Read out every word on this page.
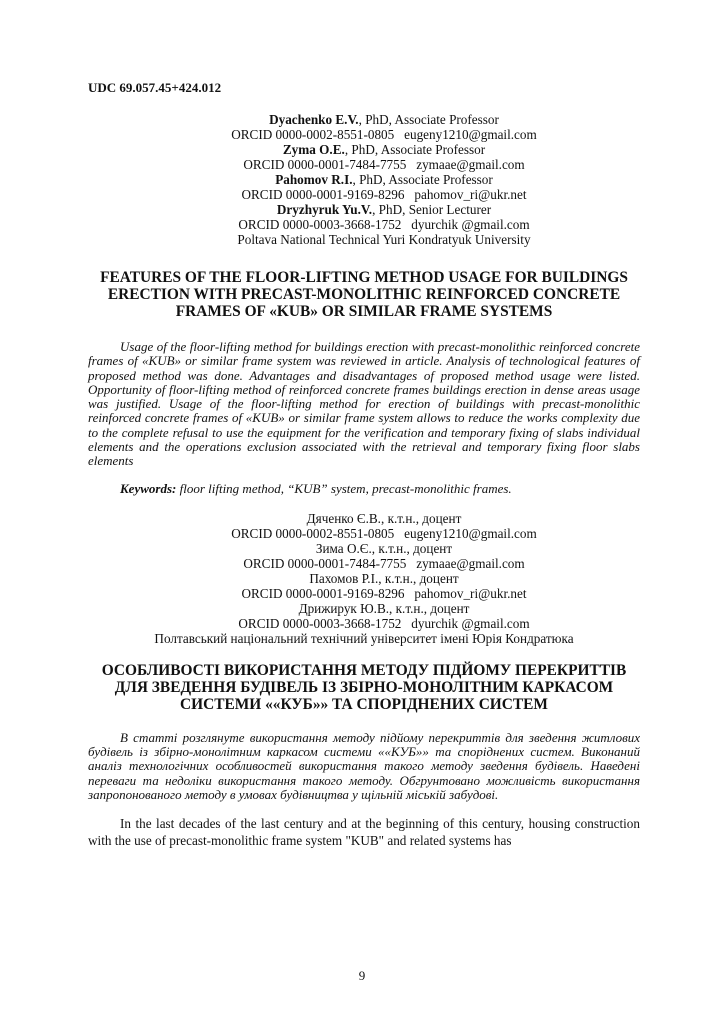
UDC 69.057.45+424.012
Dyachenko E.V., PhD, Associate Professor
ORCID 0000-0002-8551-0805   eugeny1210@gmail.com
Zyma O.E., PhD, Associate Professor
ORCID 0000-0001-7484-7755   zymaae@gmail.com
Pahomov R.I., PhD, Associate Professor
ORCID 0000-0001-9169-8296   pahomov_ri@ukr.net
Dryzhyruk Yu.V., PhD, Senior Lecturer
ORCID 0000-0003-3668-1752   dyurchik @gmail.com
Poltava National Technical Yuri Kondratyuk University
FEATURES OF THE FLOOR-LIFTING METHOD USAGE FOR BUILDINGS ERECTION WITH PRECAST-MONOLITHIC REINFORCED CONCRETE FRAMES OF «KUB» OR SIMILAR FRAME SYSTEMS

Usage of the floor-lifting method for buildings erection with precast-monolithic reinforced concrete frames of «KUB» or similar frame system was reviewed in article. Analysis of technological features of proposed method was done. Advantages and disadvantages of proposed method usage were listed. Opportunity of floor-lifting method of reinforced concrete frames buildings erection in dense areas usage was justified. Usage of the floor-lifting method for erection of buildings with precast-monolithic reinforced concrete frames of «KUB» or similar frame system allows to reduce the works complexity due to the complete refusal to use the equipment for the verification and temporary fixing of slabs individual elements and the operations exclusion associated with the retrieval and temporary fixing floor slabs elements

Keywords: floor lifting method, “KUB” system, precast-monolithic frames.

Дяченко Є.В., к.т.н., доцент
ORCID 0000-0002-8551-0805   eugeny1210@gmail.com
Зима О.Є., к.т.н., доцент
ORCID 0000-0001-7484-7755   zymaae@gmail.com
Пахомов Р.І., к.т.н., доцент
ORCID 0000-0001-9169-8296   pahomov_ri@ukr.net
Дрижирук Ю.В., к.т.н., доцент
ORCID 0000-0003-3668-1752   dyurchik @gmail.com
Полтавський національний технічний університет імені Юрія Кондратюка
ОСОБЛИВОСТІ ВИКОРИСТАННЯ МЕТОДУ ПІДЙОМУ ПЕРЕКРИТТІВ ДЛЯ ЗВЕДЕННЯ БУДІВЕЛЬ ІЗ ЗБІРНО-МОНОЛІТНИМ КАРКАСОМ СИСТЕМИ ««КУБ»» ТА СПОРІДНЕНИХ СИСТЕМ

В статті розглянуте використання методу підйому перекриттів для зведення житлових будівель із збірно-монолітним каркасом системи ««КУБ»» та споріднених систем. Виконаний аналіз технологічних особливостей використання такого методу зведення будівель. Наведені переваги та недоліки використання такого методу. Обгрунтовано можливість використання запропонованого методу в умовах будівництва у щільній міській забудові.

In the last decades of the last century and at the beginning of this century, housing construction with the use of precast-monolithic frame system "KUB" and related systems has

9
